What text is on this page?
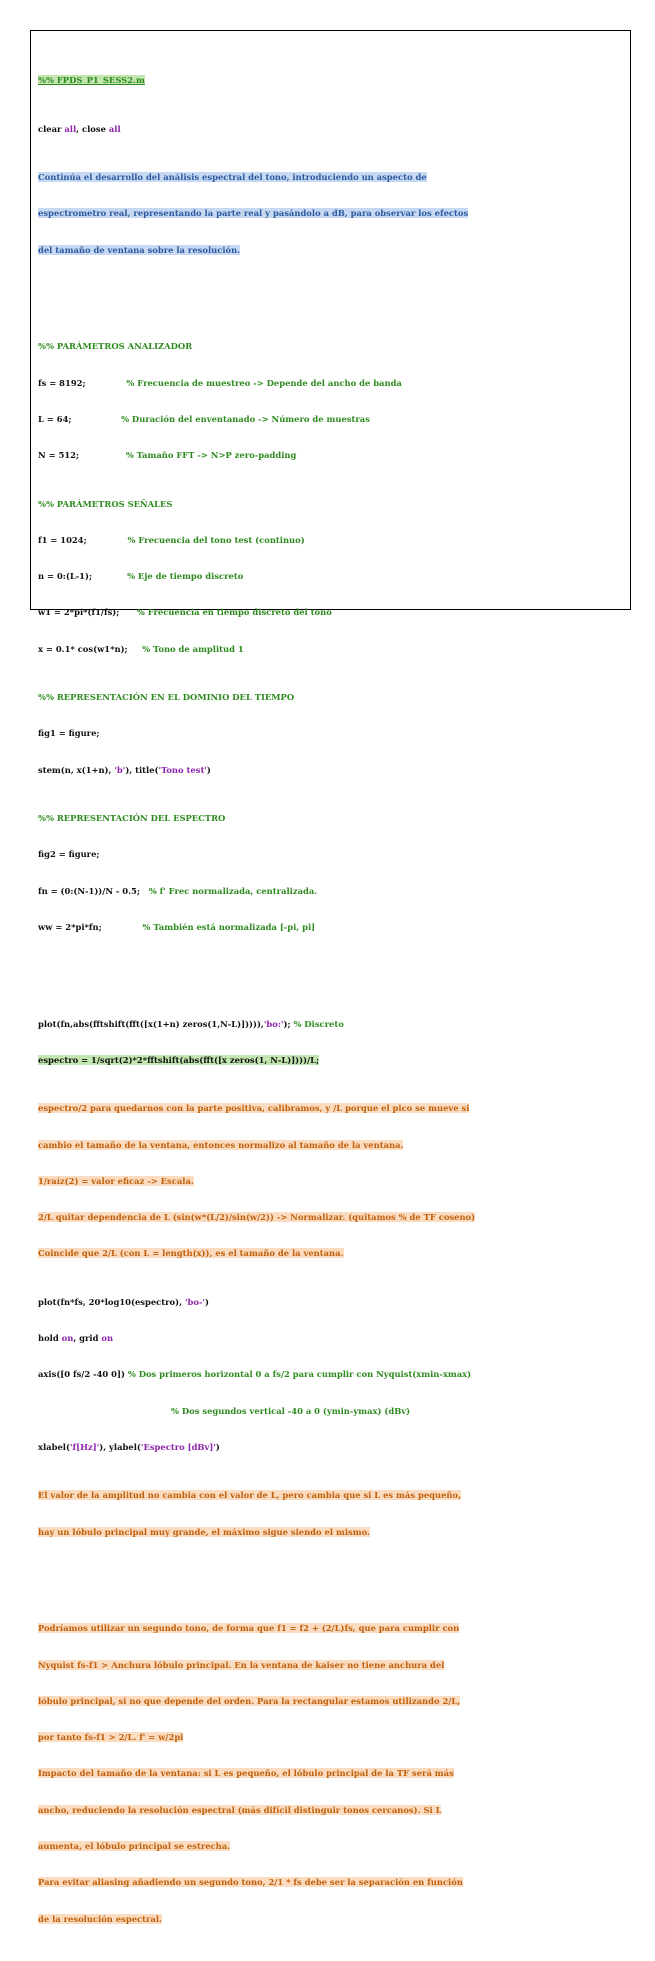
%% FPDS_P1_SESS2.m

clear all, close all

Continúa el desarrollo del análisis espectral del tono, introduciendo un aspecto de

espectrometro real, representando la parte real y pasándolo a dB, para observar los efectos

del tamaño de ventana sobre la resolución.

%% PARÁMETROS ANALIZADOR

fs = 8192;              % Frecuencia de muestreo -> Depende del ancho de banda

L = 64;                 % Duración del enventanado -> Número de muestras

N = 512;                % Tamaño FFT -> N>P zero-padding

%% PARÁMETROS SEÑALES

f1 = 1024;              % Frecuencia del tono test (continuo)

n = 0:(L-1);            % Eje de tiempo discreto

w1 = 2*pi*(f1/fs);      % Frecuencia en tiempo discreto del tono

x = 0.1* cos(w1*n);     % Tono de amplitud 1

%% REPRESENTACIÓN EN EL DOMINIO DEL TIEMPO

fig1 = figure;

stem(n, x(1+n), 'b'), title('Tono test')

%% REPRESENTACIÓN DEL ESPECTRO

fig2 = figure;

fn = (0:(N-1))/N - 0.5;   % f' Frec normalizada, centralizada.

ww = 2*pi*fn;              % También está normalizada [-pi, pi]

plot(fn,abs(fftshift(fft([x(1+n) zeros(1,N-L)])))),'bo:'); % Discreto

espectro = 1/sqrt(2)*2*fftshift(abs(fft([x zeros(1, N-L)])))/L;

espectro/2 para quedarnos con la parte positiva, calibramos, y /L porque el pico se mueve si

cambio el tamaño de la ventana, entonces normalizo al tamaño de la ventana.

1/raíz(2) = valor eficaz -> Escala.

2/L quitar dependencia de L (sin(w*(L/2)/sin(w/2)) -> Normalizar. (quitamos % de TF coseno)

Coincide que 2/L (con L = length(x)), es el tamaño de la ventana.

plot(fn*fs, 20*log10(espectro), 'bo-')

hold on, grid on

axis([0 fs/2 -40 0]) % Dos primeros horizontal 0 a fs/2 para cumplir con Nyquist(xmin-xmax)

% Dos segundos vertical -40 a 0 (ymin-ymax) (dBv)

xlabel('f[Hz]'), ylabel('Espectro [dBv]')

El valor de la amplitud no cambia con el valor de L, pero cambia que si L es más pequeño,

hay un lóbulo principal muy grande, el máximo sigue siendo el mismo.

Podríamos utilizar un segundo tono, de forma que f1 = f2 + (2/L)fs, que para cumplir con

Nyquist fs-f1 > Anchura lóbulo principal. En la ventana de kaiser no tiene anchura del

lóbulo principal, si no que depende del orden. Para la rectangular estamos utilizando 2/L,

por tanto fs-f1 > 2/L. f' = w/2pi

Impacto del tamaño de la ventana: si L es pequeño, el lóbulo principal de la TF será más

ancho, reduciendo la resolución espectral (más difícil distinguir tonos cercanos). Si L

aumenta, el lóbulo principal se estrecha.

Para evitar aliasing añadiendo un segundo tono, 2/1 * fs debe ser la separación en función

de la resolución espectral.
